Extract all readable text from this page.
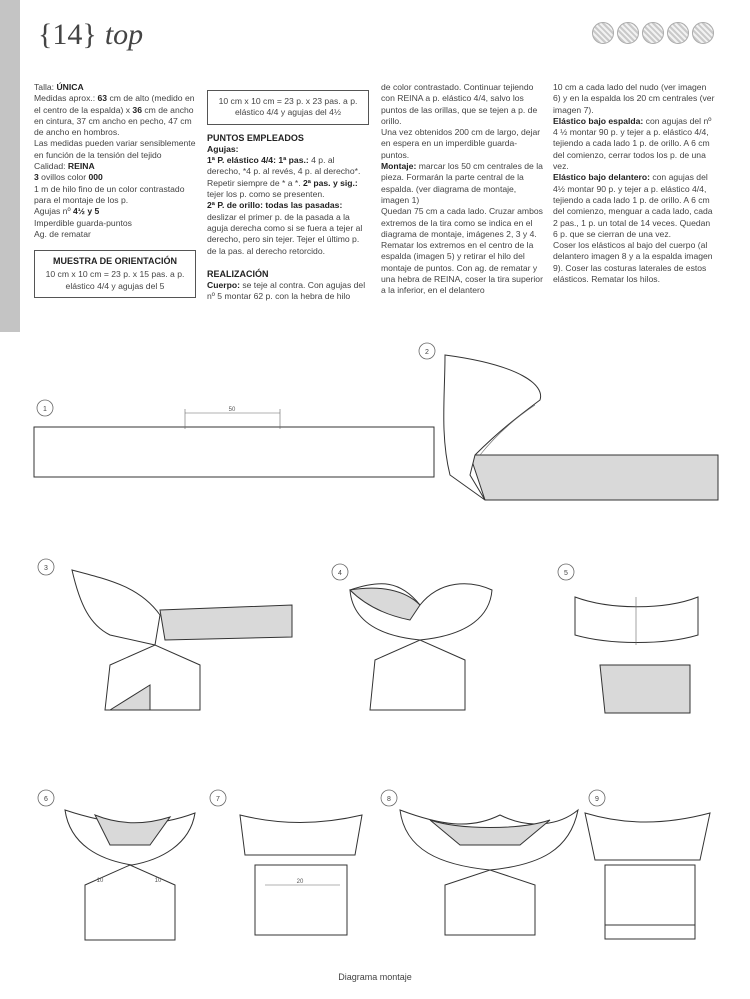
{14} top

Talla: ÚNICA

Medidas aprox.: 63 cm de alto (medido en el centro de la espalda) x 36 cm de ancho en cintura, 37 cm ancho en pecho, 47 cm de ancho en hombros.

Las medidas pueden variar sensiblemente en función de la tensión del tejido

Calidad: REINA

3 ovillos color 000

1 m de hilo fino de un color contrastado para el montaje de los p.

Agujas nº 4½ y 5

Imperdible guarda-puntos

Ag. de rematar

MUESTRA DE ORIENTACIÓN
10 cm x 10 cm = 23 p. x 15 pas. a p. elástico 4/4 y agujas del 5
10 cm x 10 cm = 23 p. x 23 pas. a p. elástico 4/4 y agujas del 4½
PUNTOS EMPLEADOS

Agujas:

1ª P. elástico 4/4: 1ª pas.: 4 p. al derecho, *4 p. al revés, 4 p. al derecho*. Repetir siempre de * a *. 2ª pas. y sig.: tejer los p. como se presenten.

2ª P. de orillo: todas las pasadas: deslizar el primer p. de la pasada a la aguja derecha como si se fuera a tejer al derecho, pero sin tejer. Tejer el último p. de la pas. al derecho retorcido.

REALIZACIÓN

Cuerpo: se teje al contra. Con agujas del nº 5 montar 62 p. con la hebra de hilo

de color contrastado. Continuar tejiendo con REINA a p. elástico 4/4, salvo los puntos de las orillas, que se tejen a p. de orillo.

Una vez obtenidos 200 cm de largo, dejar en espera en un imperdible guarda-puntos.

Montaje: marcar los 50 cm centrales de la pieza. Formarán la parte central de la espalda. (ver diagrama de montaje, imagen 1)

Quedan 75 cm a cada lado. Cruzar ambos extremos de la tira como se indica en el diagrama de montaje, imágenes 2, 3 y 4. Rematar los extremos en el centro de la espalda (imagen 5) y retirar el hilo del montaje de puntos. Con ag. de rematar y una hebra de REINA, coser la tira superior a la inferior, en el delantero

10 cm a cada lado del nudo (ver imagen 6) y en la espalda los 20 cm centrales (ver imagen 7).

Elástico bajo espalda: con agujas del nº 4 ½ montar 90 p. y tejer a p. elástico 4/4, tejiendo a cada lado 1 p. de orillo. A 6 cm del comienzo, cerrar todos los p. de una vez.

Elástico bajo delantero: con agujas del 4½ montar 90 p. y tejer a p. elástico 4/4, tejiendo a cada lado 1 p. de orillo. A 6 cm del comienzo, menguar a cada lado, cada 2 pas., 1 p. un total de 14 veces. Quedan 6 p. que se cierran de una vez.

Coser los elásticos al bajo del cuerpo (al delantero imagen 8 y a la espalda imagen 9). Coser las costuras laterales de estos elásticos. Rematar los hilos.

50
1
2
3
4	5
10	10
6
20
7	8	9
Diagrama montaje
